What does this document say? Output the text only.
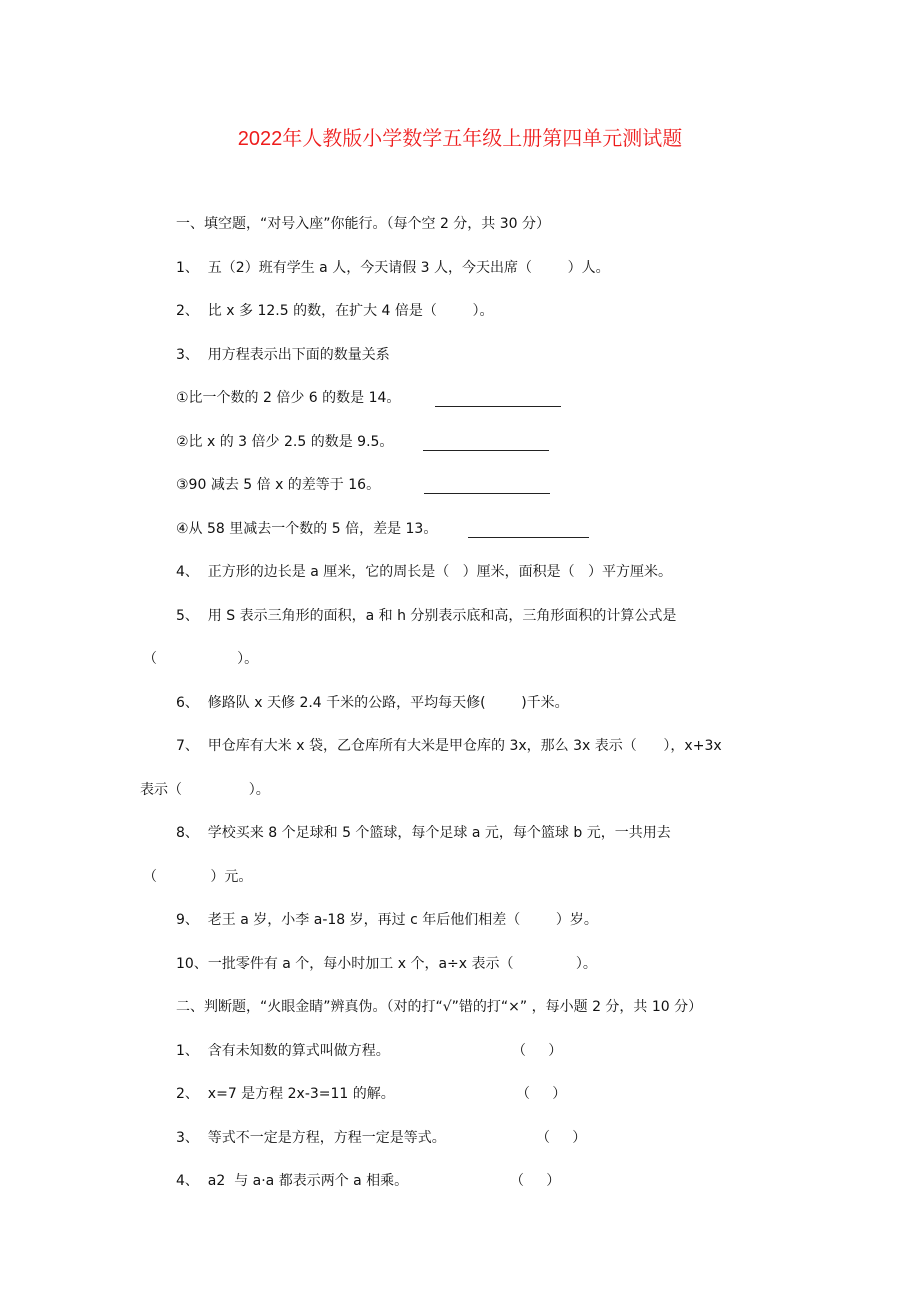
2022年人教版小学数学五年级上册第四单元测试题
一、填空题，“对号入座”你能行。（每个空 2 分，共 30 分）
1、  五（2）班有学生 a 人，今天请假 3 人，今天出席（        ）人。
2、  比 x 多 12.5 的数，在扩大 4 倍是（        ）。
3、  用方程表示出下面的数量关系
①比一个数的 2 倍少 6 的数是 14。
②比 x 的 3 倍少 2.5 的数是 9.5。
③90 减去 5 倍 x 的差等于 16。
④从 58 里减去一个数的 5 倍，差是 13。
4、  正方形的边长是 a 厘米，它的周长是（   ）厘米，面积是（   ）平方厘米。
5、  用 S 表示三角形的面积，a 和 h 分别表示底和高，三角形面积的计算公式是
（                  ）。
6、  修路队 x 天修 2.4 千米的公路，平均每天修(        )千米。
7、  甲仓库有大米 x 袋，乙仓库所有大米是甲仓库的 3x，那么 3x 表示（      ），x+3x
表示（               ）。
8、  学校买来 8 个足球和 5 个篮球，每个足球 a 元，每个篮球 b 元，一共用去
（            ）元。
9、  老王 a 岁，小李 a-18 岁，再过 c 年后他们相差（        ）岁。
10、一批零件有 a 个，每小时加工 x 个，a÷x 表示（              ）。
二、判断题，“火眼金睛”辨真伪。（对的打“√”错的打“×” ，每小题 2 分，共 10 分）
1、  含有未知数的算式叫做方程。	（     ）
2、  x=7 是方程 2x-3=11 的解。	（     ）
3、  等式不一定是方程，方程一定是等式。	（     ）
4、  a2  与 a·a 都表示两个 a 相乘。	（     ）
